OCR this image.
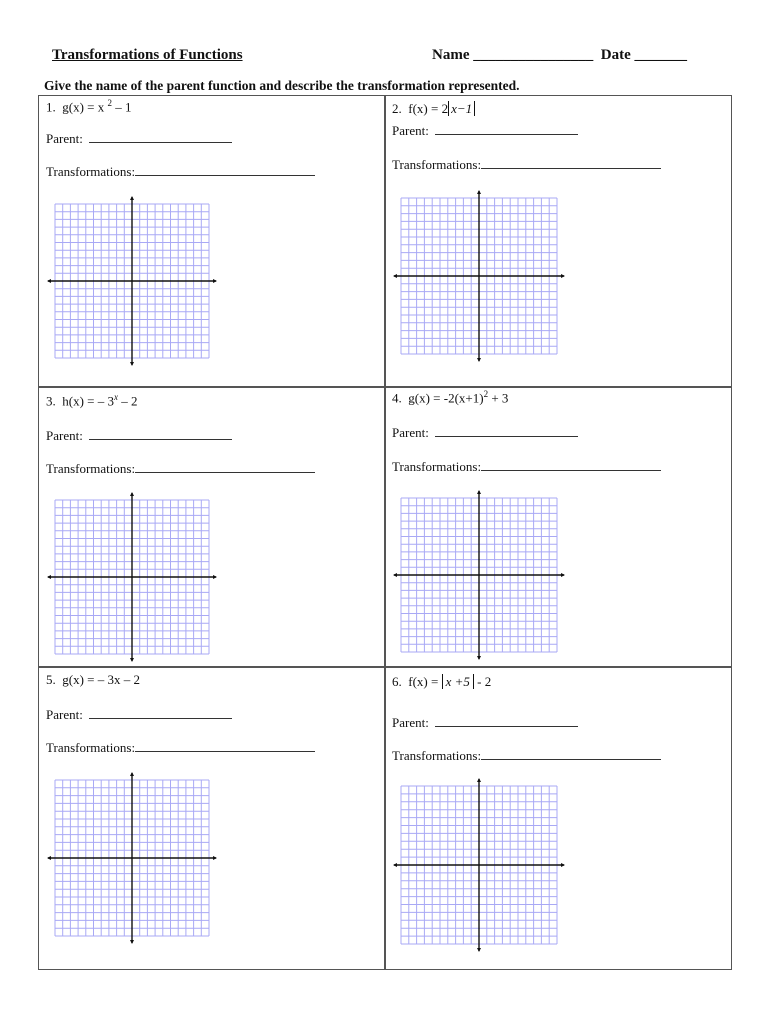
Transformations of Functions	Name ________________ Date _______
Give the name of the parent function and describe the transformation represented.
1. g(x) = x $^2$ – 1
Parent:
Transformations:
2. f(x) = 2 x−1
Parent:
Transformations:
3. h(x) = – 3$^x$ – 2
Parent:
Transformations:
4. $g(x) = -2(x+1)^2 + 3$
Parent:
Transformations:
5. g(x) = – 3x – 2
Parent:
Transformations:
6. f(x) = x +5 - 2
Parent:
Transformations:
